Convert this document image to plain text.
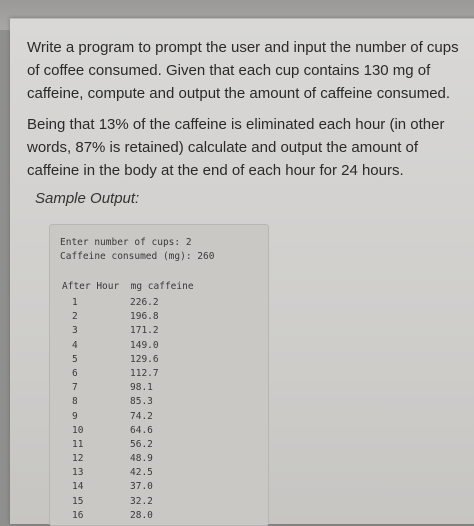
Write a program to prompt the user and input the number of cups of coffee consumed. Given that each cup contains 130 mg of caffeine, compute and output the amount of caffeine consumed.
Being that 13% of the caffeine is eliminated each hour (in other words, 87% is retained) calculate and output the amount of caffeine in the body at the end of each hour for 24 hours.
Sample Output:
Enter number of cups: 2
Caffeine consumed (mg): 260
After Hour  mg caffeine
1	226.2
2	196.8
3	171.2
4	149.0
5	129.6
6	112.7
7	98.1
8	85.3
9	74.2
10	64.6
11	56.2
12	48.9
13	42.5
14	37.0
15	32.2
16	28.0
